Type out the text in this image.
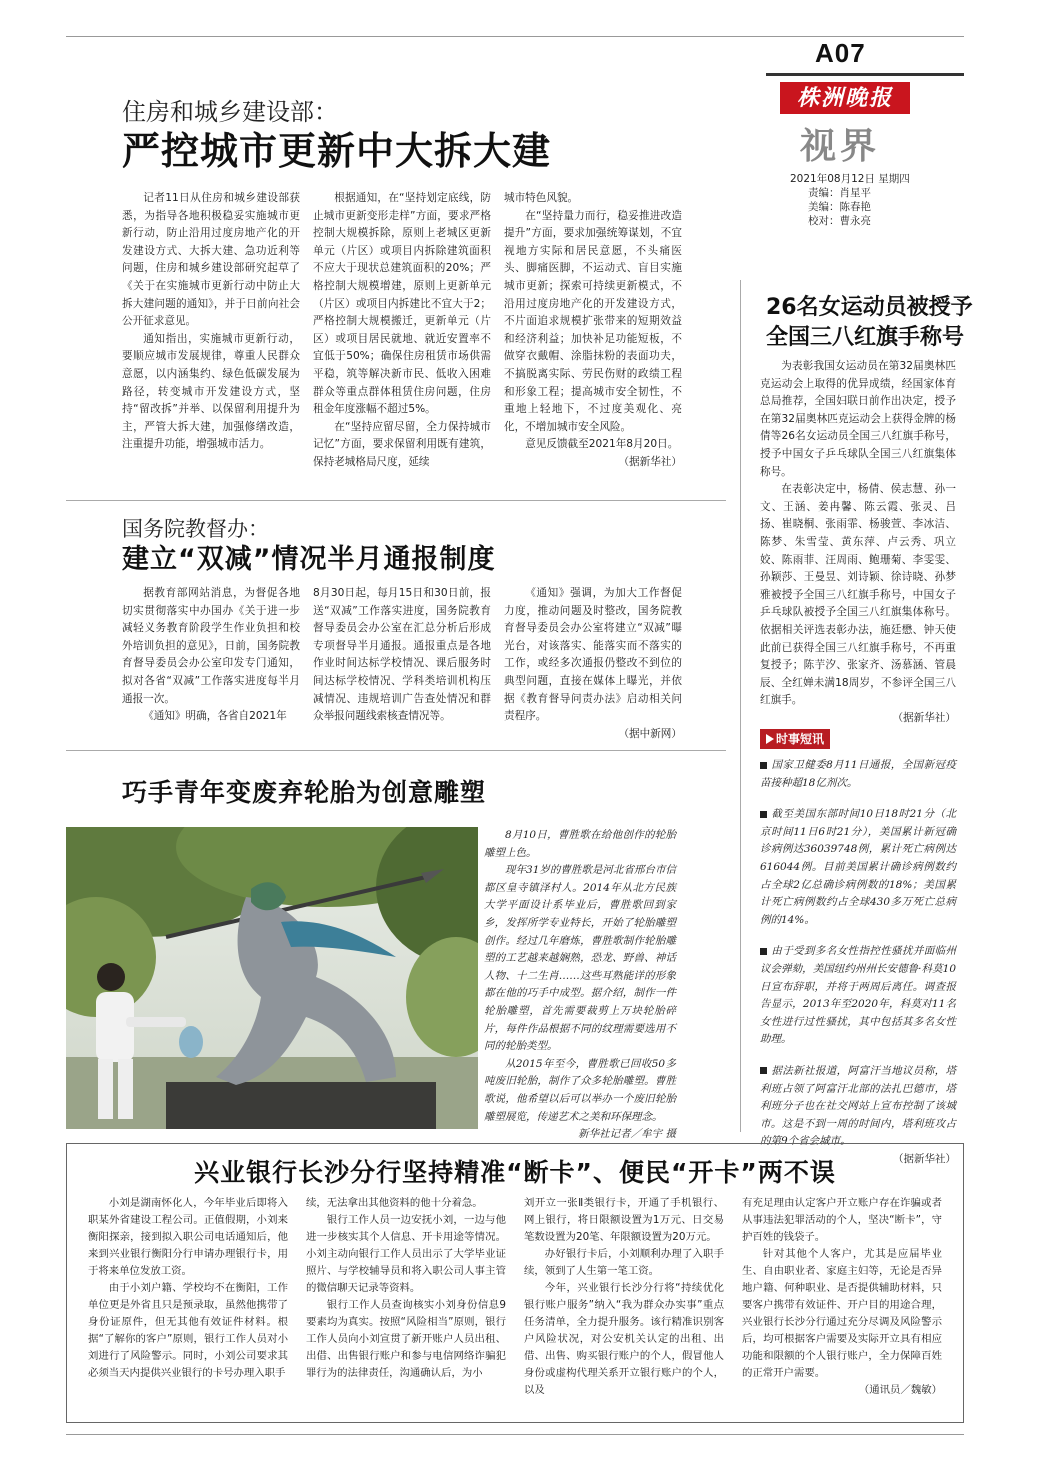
A07
株洲晚报
视界
2021年08月12日 星期四
责编：肖星平
美编：陈春艳
校对：曹永亮
住房和城乡建设部：
严控城市更新中大拆大建

记者11日从住房和城乡建设部获悉，为指导各地积极稳妥实施城市更新行动，防止沿用过度房地产化的开发建设方式、大拆大建、急功近利等问题，住房和城乡建设部研究起草了《关于在实施城市更新行动中防止大拆大建问题的通知》，并于日前向社会公开征求意见。

通知指出，实施城市更新行动，要顺应城市发展规律，尊重人民群众意愿，以内涵集约、绿色低碳发展为路径，转变城市开发建设方式，坚持“留改拆”并举、以保留利用提升为主，严管大拆大建，加强修缮改造，注重提升功能，增强城市活力。

根据通知，在“坚持划定底线，防止城市更新变形走样”方面，要求严格控制大规模拆除，原则上老城区更新单元（片区）或项目内拆除建筑面积不应大于现状总建筑面积的20%；严格控制大规模增建，原则上更新单元（片区）或项目内拆建比不宜大于2；严格控制大规模搬迁，更新单元（片区）或项目居民就地、就近安置率不宜低于50%；确保住房租赁市场供需平稳，筑等解决新市民、低收入困难群众等重点群体租赁住房问题，住房租金年度涨幅不超过5%。

在“坚持应留尽留，全力保持城市记忆”方面，要求保留利用既有建筑，保持老城格局尺度，延续

城市特色风貌。

在“坚持量力而行，稳妥推进改造提升”方面，要求加强统筹谋划，不宜视地方实际和居民意愿，不头痛医头、脚痛医脚，不运动式、盲目实施城市更新；探索可持续更新模式，不沿用过度房地产化的开发建设方式，不片面追求规模扩张带来的短期效益和经济利益；加快补足功能短板，不做穿衣戴帽、涂脂抹粉的表面功夫，不搞脱离实际、劳民伤财的政绩工程和形象工程；提高城市安全韧性，不重地上轻地下，不过度美观化、亮化，不增加城市安全风险。

意见反馈截至2021年8月20日。

（据新华社）
国务院教督办：
建立“双减”情况半月通报制度

据教育部网站消息，为督促各地切实贯彻落实中办国办《关于进一步减轻义务教育阶段学生作业负担和校外培训负担的意见》，日前，国务院教育督导委员会办公室印发专门通知，拟对各省“双减”工作落实进度每半月通报一次。

《通知》明确，各省自2021年

8月30日起，每月15日和30日前，报送“双减”工作落实进度，国务院教育督导委员会办公室在汇总分析后形成专项督导半月通报。通报重点是各地作业时间达标学校情况、课后服务时间达标学校情况、学科类培训机构压减情况、违规培训广告查处情况和群众举报问题线索核查情况等。

《通知》强调，为加大工作督促力度，推动问题及时整改，国务院教育督导委员会办公室将建立“双减”曝光台，对该落实、能落实而不落实的工作，或经多次通报仍整改不到位的典型问题，直接在媒体上曝光，并依据《教育督导问责办法》启动相关问责程序。

（据中新网）
巧手青年变废弃轮胎为创意雕塑

8月10日，曹胜歌在给他创作的轮胎雕塑上色。

现年31岁的曹胜歌是河北省邢台市信都区皇寺镇泽村人。2014年从北方民族大学平面设计系毕业后，曹胜歌回到家乡，发挥所学专业特长，开始了轮胎雕塑创作。经过几年磨炼，曹胜歌制作轮胎雕塑的工艺越来越娴熟，恐龙、野兽、神话人物、十二生肖……这些耳熟能详的形象都在他的巧手中成型。据介绍，制作一件轮胎雕塑，首先需要裁剪上万块轮胎碎片，每件作品根据不同的纹理需要选用不同的轮胎类型。

从2015年至今，曹胜歌已回收50多吨废旧轮胎，制作了众多轮胎雕塑。曹胜歌说，他希望以后可以举办一个废旧轮胎雕塑展览，传递艺术之美和环保理念。

新华社记者／牟宇 摄
26名女运动员被授予
全国三八红旗手称号

为表彰我国女运动员在第32届奥林匹克运动会上取得的优异成绩，经国家体育总局推荐，全国妇联日前作出决定，授予在第32届奥林匹克运动会上获得金牌的杨倩等26名女运动员全国三八红旗手称号，授予中国女子乒乓球队全国三八红旗集体称号。

在表彰决定中，杨倩、侯志慧、孙一文、王涵、姜冉馨、陈云霞、张灵、吕扬、崔晓桐、张雨霏、杨骏萱、李冰洁、陈梦、朱雪莹、黄东萍、卢云秀、巩立姣、陈雨菲、汪周雨、鲍珊菊、李雯雯、孙颖莎、王曼昱、刘诗颖、徐诗晓、孙梦雅被授予全国三八红旗手称号，中国女子乒乓球队被授予全国三八红旗集体称号。依据相关评选表彰办法，施廷懋、钟天使此前已获得全国三八红旗手称号，不再重复授予；陈芋汐、张家齐、汤慕涵、管晨辰、全红婵未满18周岁，不参评全国三八红旗手。

（据新华社）
时事短讯
国家卫健委8月11日通报，全国新冠疫苗接种超18亿剂次。
截至美国东部时间10日18时21分（北京时间11日6时21分），美国累计新冠确诊病例达36039748例，累计死亡病例达616044例。目前美国累计确诊病例数约占全球2亿总确诊病例数的18%；美国累计死亡病例数约占全球430多万死亡总病例的14%。
由于受到多名女性指控性骚扰并面临州议会弹劾，美国纽约州州长安德鲁·科莫10日宣布辞职，并将于两周后离任。调查报告显示，2013年至2020年，科莫对11名女性进行过性骚扰，其中包括其多名女性助理。
据法新社报道，阿富汗当地议员称，塔利班占领了阿富汗北部的法扎巴德市，塔利班分子也在社交网站上宣布控制了该城市。这是不到一周的时间内，塔利班攻占的第9个省会城市。
（据新华社）
兴业银行长沙分行坚持精准“断卡”、便民“开卡”两不误

小刘是湖南怀化人，今年毕业后即将入职某外省建设工程公司。正值假期，小刘来衡阳探亲，接到拟入职公司电话通知后，他来到兴业银行衡阳分行申请办理银行卡，用于将来单位发放工资。

由于小刘户籍、学校均不在衡阳，工作单位更是外省且只是预录取，虽然他携带了身份证原件，但无其他有效证件材料。根据“了解你的客户”原则，银行工作人员对小刘进行了风险警示。同时，小刘公司要求其必须当天内提供兴业银行的卡号办理入职手

续，无法拿出其他资料的他十分着急。

银行工作人员一边安抚小刘，一边与他进一步核实其个人信息、开卡用途等情况。小刘主动向银行工作人员出示了大学毕业证照片、与学校辅导员和将入职公司人事主管的微信聊天记录等资料。

银行工作人员查询核实小刘身份信息9要素均为真实。按照“风险相当”原则，银行工作人员向小刘宣贯了新开账户人员出租、出借、出售银行账户和参与电信网络诈骗犯罪行为的法律责任，沟通确认后，为小

刘开立一张Ⅱ类银行卡，开通了手机银行、网上银行，将日限额设置为1万元、日交易笔数设置为20笔、年限额设置为20万元。

办好银行卡后，小刘顺利办理了入职手续，领到了人生第一笔工资。

今年，兴业银行长沙分行将“持续优化银行账户服务”纳入“我为群众办实事”重点任务清单，全力提升服务。该行精准识别客户风险状况，对公安机关认定的出租、出借、出售、购买银行账户的个人，假冒他人身份或虚构代理关系开立银行账户的个人，以及

有充足理由认定客户开立账户存在诈骗或者从事违法犯罪活动的个人，坚决“断卡”，守护百姓的钱袋子。

针对其他个人客户，尤其是应届毕业生、自由职业者、家庭主妇等，无论是否异地户籍、何种职业、是否提供辅助材料，只要客户携带有效证件、开户目的用途合理，兴业银行长沙分行通过充分尽调及风险警示后，均可根据客户需要及实际开立具有相应功能和限额的个人银行账户，全力保障百姓的正常开户需要。

（通讯员／魏敏）
